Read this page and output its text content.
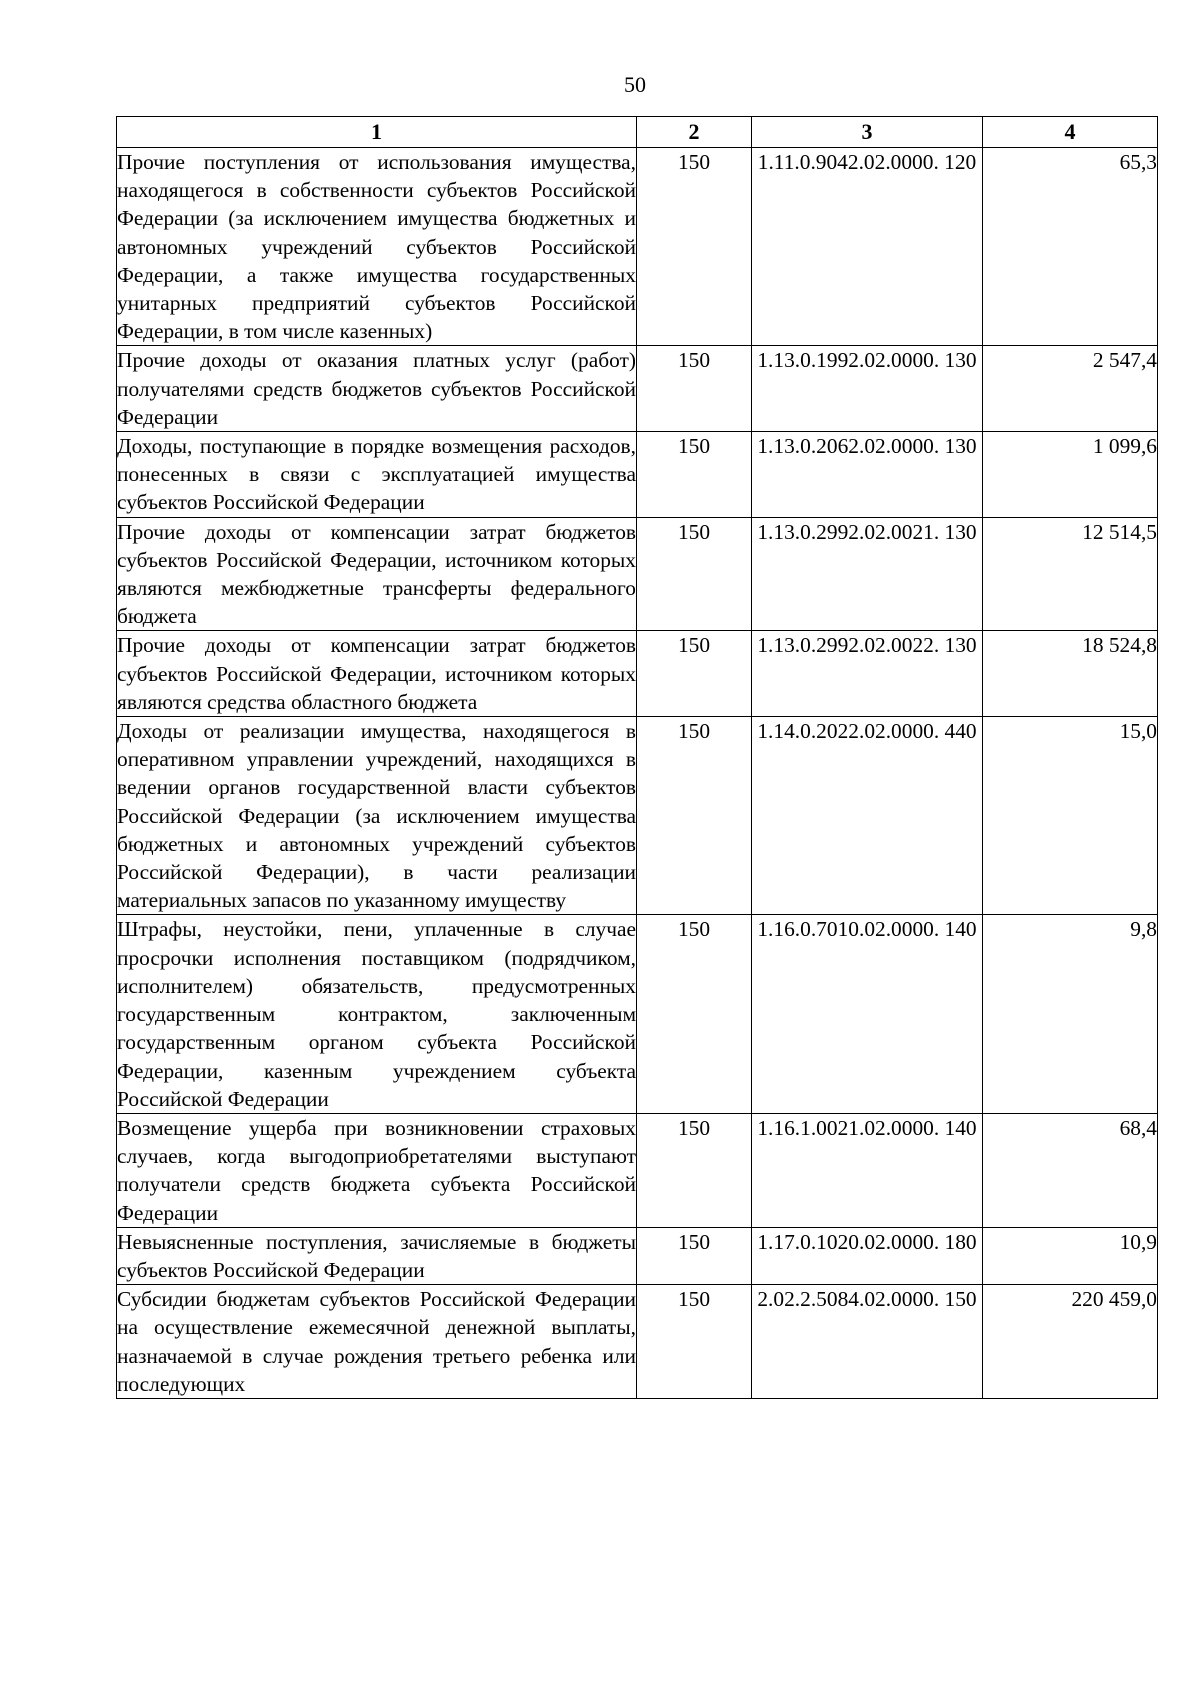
50
1	2	3	4
Прочие поступления от использования имущества, находящегося в собственности субъектов Российской Федерации (за исключением имущества бюджетных и автономных учреждений субъектов Российской Федерации, а также имущества государственных унитарных предприятий субъектов Российской Федерации, в том числе казенных)	150	1.11.0.9042.02.0000. 120	65,3
Прочие доходы от оказания платных услуг (работ) получателями средств бюджетов субъектов Российской Федерации	150	1.13.0.1992.02.0000. 130	2 547,4
Доходы, поступающие в порядке возмещения расходов, понесенных в связи с эксплуатацией имущества субъектов Российской Федерации	150	1.13.0.2062.02.0000. 130	1 099,6
Прочие доходы от компенсации затрат бюджетов субъектов Российской Федерации, источником которых являются межбюджетные трансферты федерального бюджета	150	1.13.0.2992.02.0021. 130	12 514,5
Прочие доходы от компенсации затрат бюджетов субъектов Российской Федерации, источником которых являются средства областного бюджета	150	1.13.0.2992.02.0022. 130	18 524,8
Доходы от реализации имущества, находящегося в оперативном управлении учреждений, находящихся в ведении органов государственной власти субъектов Российской Федерации (за исключением имущества бюджетных и автономных учреждений субъектов Российской Федерации), в части реализации материальных запасов по указанному имуществу	150	1.14.0.2022.02.0000. 440	15,0
Штрафы, неустойки, пени, уплаченные в случае просрочки исполнения поставщиком (подрядчиком, исполнителем) обязательств, предусмотренных государственным контрактом, заключенным государственным органом субъекта Российской Федерации, казенным учреждением субъекта Российской Федерации	150	1.16.0.7010.02.0000. 140	9,8
Возмещение ущерба при возникновении страховых случаев, когда выгодоприобретателями выступают получатели средств бюджета субъекта Российской Федерации	150	1.16.1.0021.02.0000. 140	68,4
Невыясненные поступления, зачисляемые в бюджеты субъектов Российской Федерации	150	1.17.0.1020.02.0000. 180	10,9
Субсидии бюджетам субъектов Российской Федерации на осуществление ежемесячной денежной выплаты, назначаемой в случае рождения третьего ребенка или последующих	150	2.02.2.5084.02.0000. 150	220 459,0
